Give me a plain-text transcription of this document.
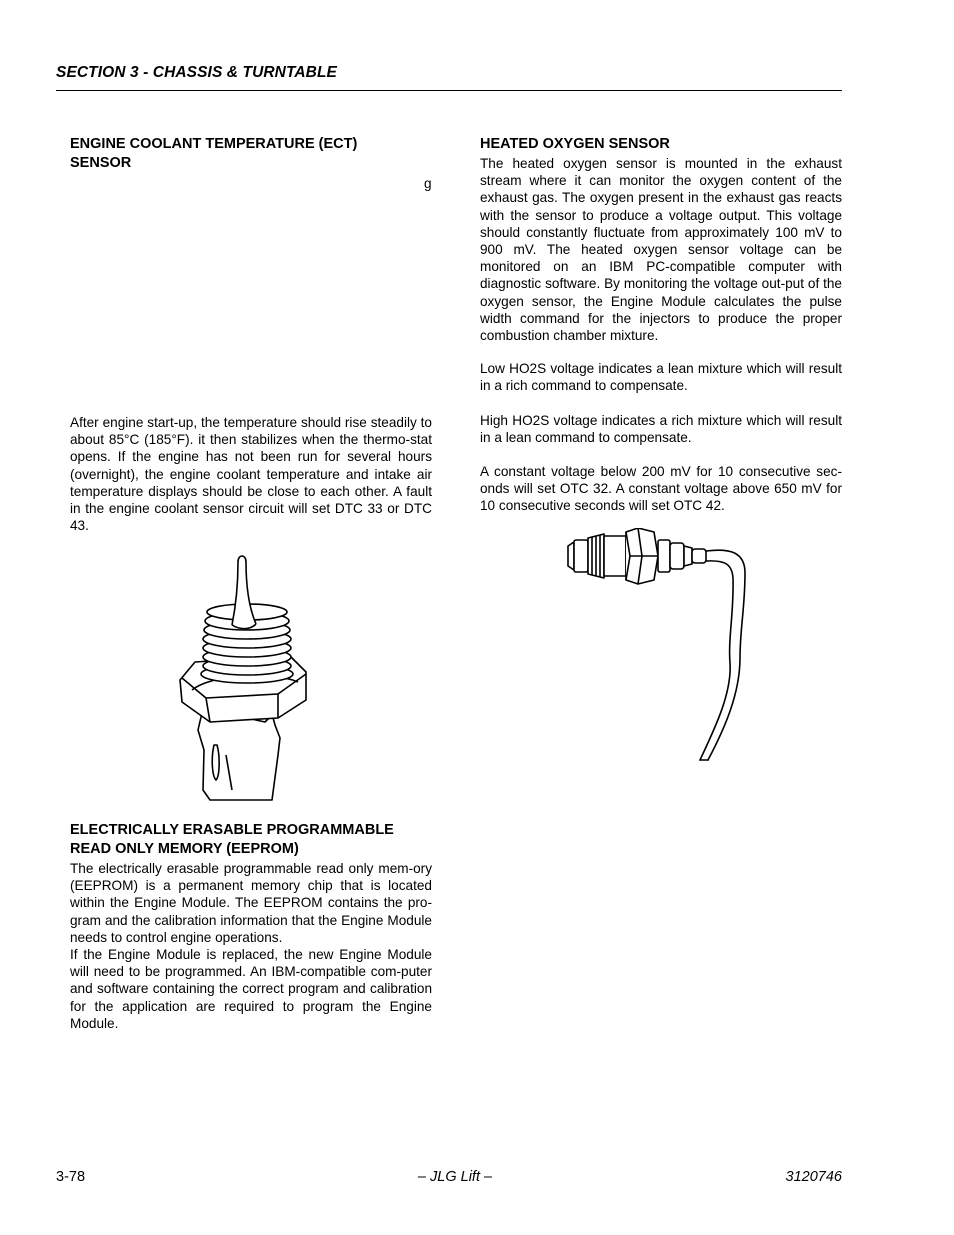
SECTION 3 - CHASSIS & TURNTABLE
ENGINE COOLANT TEMPERATURE (ECT)
SENSOR
g

After engine start-up, the temperature should rise steadily to about 85°C (185°F). it then stabilizes when the thermo-stat opens. If the engine has not been run for several hours (overnight), the engine coolant temperature and intake air temperature displays should be close to each other. A fault in the engine coolant sensor circuit will set DTC 33 or DTC 43.

ELECTRICALLY ERASABLE PROGRAMMABLE
READ ONLY MEMORY (EEPROM)

The electrically erasable programmable read only mem-ory (EEPROM) is a permanent memory chip that is located within the Engine Module. The EEPROM contains the pro-gram and the calibration information that the Engine Module needs to control engine operations.

If the Engine Module is replaced, the new Engine Module will need to be programmed. An IBM-compatible com-puter and software containing the correct program and calibration for the application are required to program the Engine Module.

HEATED OXYGEN SENSOR

The heated oxygen sensor is mounted in the exhaust stream where it can monitor the oxygen content of the exhaust gas. The oxygen present in the exhaust gas reacts with the sensor to produce a voltage output. This voltage should constantly fluctuate from approximately 100 mV to 900 mV. The heated oxygen sensor voltage can be monitored on an IBM PC-compatible computer with diagnostic software. By monitoring the voltage out-put of the oxygen sensor, the Engine Module calculates the pulse width command for the injectors to produce the proper combustion chamber mixture.

Low HO2S voltage indicates a lean mixture which will result in a rich command to compensate.

High HO2S voltage indicates a rich mixture which will result in a lean command to compensate.

A constant voltage below 200 mV for 10 consecutive sec-onds will set OTC 32. A constant voltage above 650 mV for 10 consecutive seconds will set OTC 42.

3-78	– JLG Lift –	3120746
